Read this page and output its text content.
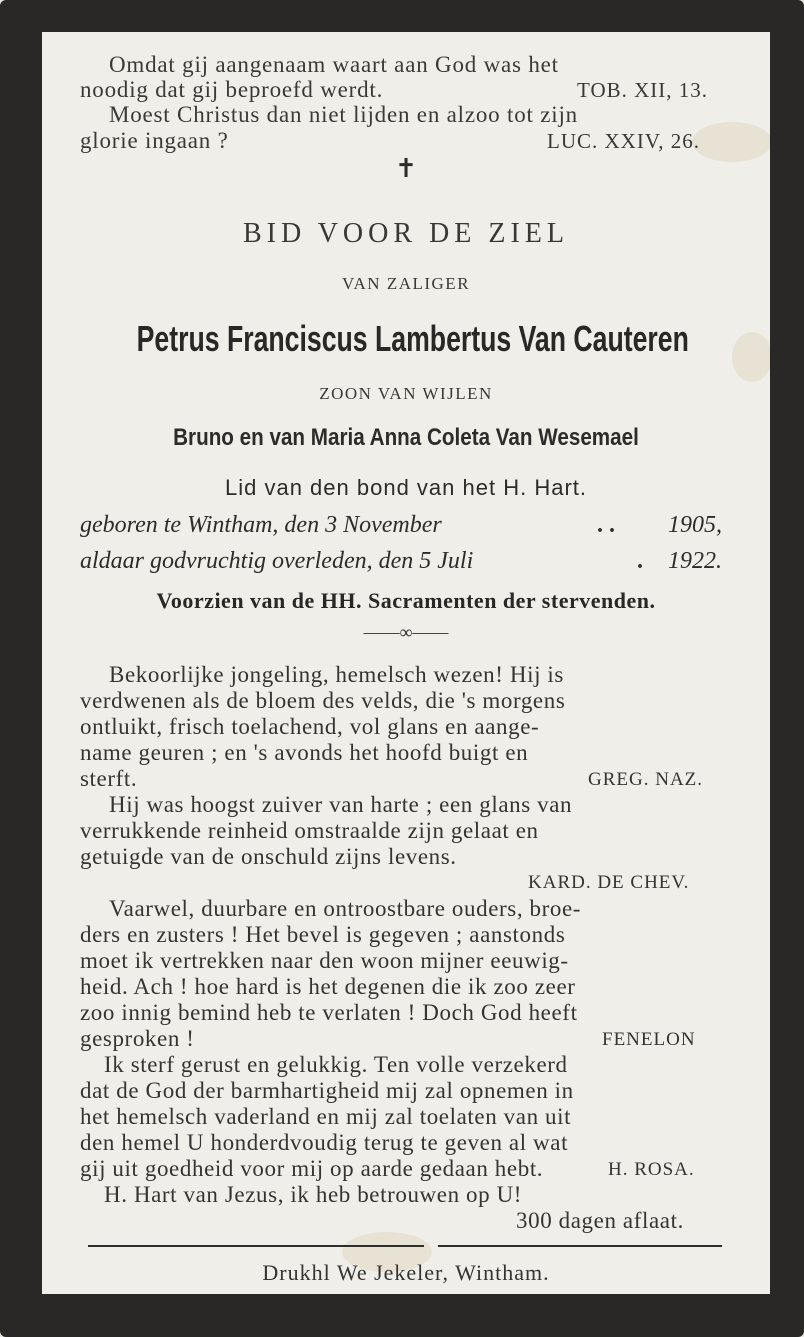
Omdat gij aangenaam waart aan God was het
noodig dat gij beproefd werdt.	TOB. XII, 13.
Moest Christus dan niet lijden en alzoo tot zijn
glorie ingaan ?	LUC. XXIV, 26.
✝
BID VOOR DE ZIEL
VAN ZALIGER
Petrus Franciscus Lambertus Van Cauteren
ZOON VAN WIJLEN
Bruno en van Maria Anna Coleta Van Wesemael
Lid van den bond van het H. Hart.
geboren te Wintham, den 3 November	. . 1905,
aldaar godvruchtig overleden, den 5 Juli	. 1922.
Voorzien van de HH. Sacramenten der stervenden.
——∞——
Bekoorlijke jongeling, hemelsch wezen! Hij is
verdwenen als de bloem des velds, die 's morgens
ontluikt, frisch toelachend, vol glans en aange-
name geuren ; en 's avonds het hoofd buigt en
sterft.	GREG. NAZ.
Hij was hoogst zuiver van harte ; een glans van
verrukkende reinheid omstraalde zijn gelaat en
getuigde van de onschuld zijns levens.
KARD. DE CHEV.
Vaarwel, duurbare en ontroostbare ouders, broe-
ders en zusters ! Het bevel is gegeven ; aanstonds
moet ik vertrekken naar den woon mijner eeuwig-
heid. Ach ! hoe hard is het degenen die ik zoo zeer
zoo innig bemind heb te verlaten ! Doch God heeft
gesproken !	FENELON
Ik sterf gerust en gelukkig. Ten volle verzekerd
dat de God der barmhartigheid mij zal opnemen in
het hemelsch vaderland en mij zal toelaten van uit
den hemel U honderdvoudig terug te geven al wat
gij uit goedheid voor mij op aarde gedaan hebt.	H. ROSA.
H. Hart van Jezus, ik heb betrouwen op U!
300 dagen aflaat.
Drukhl We Jekeler, Wintham.
